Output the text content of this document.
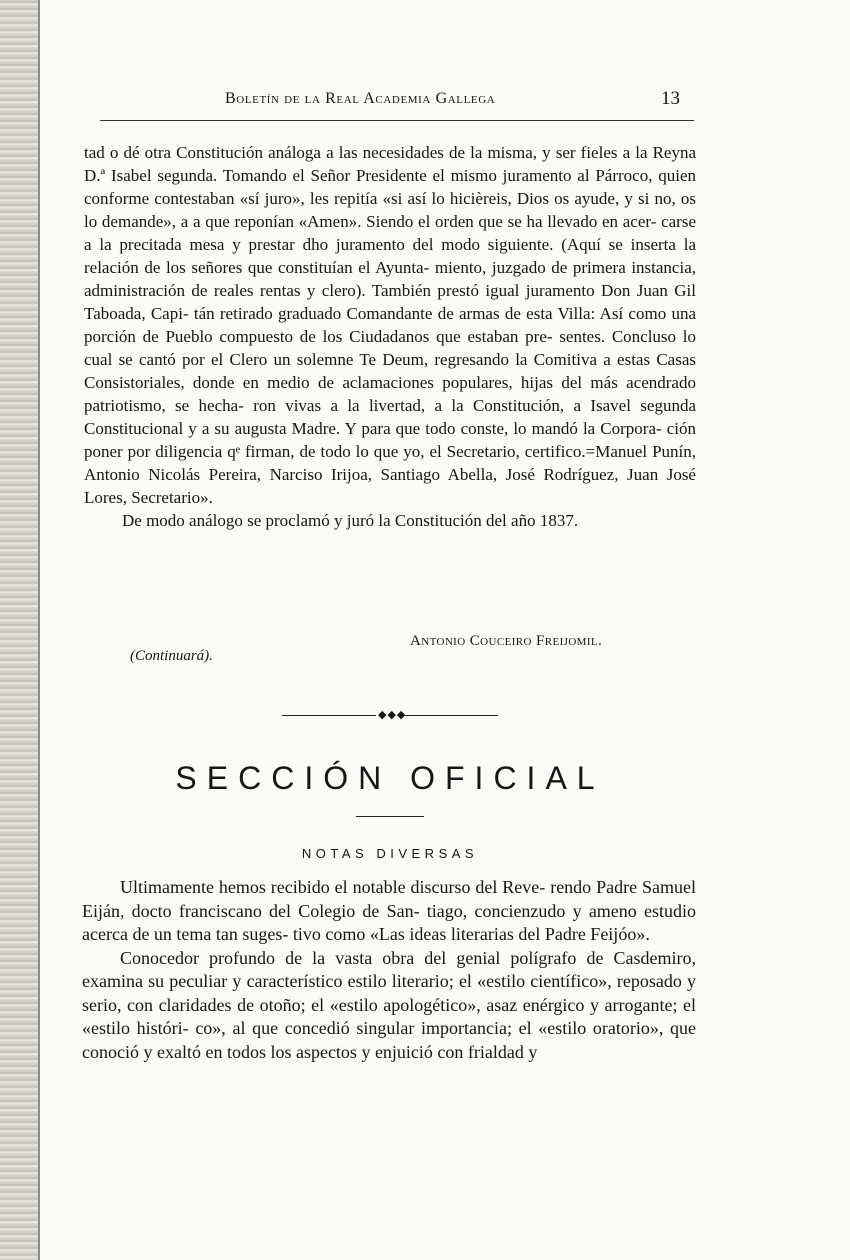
Boletín de la Real Academia Gallega	13

tad o dé otra Constitución análoga a las necesidades de la misma, y ser fieles a la Reyna D.ª Isabel segunda. Tomando el Señor Presidente el mismo juramento al Párroco, quien conforme contestaban «sí juro», les repitía «si así lo hicièreis, Dios os ayude, y si no, os lo demande», a a que reponían «Amen». Siendo el orden que se ha llevado en acer- carse a la precitada mesa y prestar dho juramento del modo siguiente. (Aquí se inserta la relación de los señores que constituían el Ayunta- miento, juzgado de primera instancia, administración de reales rentas y clero). También prestó igual juramento Don Juan Gil Taboada, Capi- tán retirado graduado Comandante de armas de esta Villa: Así como una porción de Pueblo compuesto de los Ciudadanos que estaban pre- sentes. Concluso lo cual se cantó por el Clero un solemne Te Deum, regresando la Comitiva a estas Casas Consistoriales, donde en medio de aclamaciones populares, hijas del más acendrado patriotismo, se hecha- ron vivas a la livertad, a la Constitución, a Isavel segunda Constitucional y a su augusta Madre. Y para que todo conste, lo mandó la Corpora- ción poner por diligencia qᵉ firman, de todo lo que yo, el Secretario, certifico.=Manuel Punín, Antonio Nicolás Pereira, Narciso Irijoa, Santiago Abella, José Rodríguez, Juan José Lores, Secretario».

De modo análogo se proclamó y juró la Constitución del año 1837.

Antonio Couceiro Freijomil.
(Continuará).
◆◆◆
SECCIÓN OFICIAL
NOTAS DIVERSAS

Ultimamente hemos recibido el notable discurso del Reve- rendo Padre Samuel Eiján, docto franciscano del Colegio de San- tiago, concienzudo y ameno estudio acerca de un tema tan suges- tivo como «Las ideas literarias del Padre Feijóo».

Conocedor profundo de la vasta obra del genial polígrafo de Casdemiro, examina su peculiar y característico estilo literario; el «estilo científico», reposado y serio, con claridades de otoño; el «estilo apologético», asaz enérgico y arrogante; el «estilo históri- co», al que concedió singular importancia; el «estilo oratorio», que conoció y exaltó en todos los aspectos y enjuició con frialdad y
